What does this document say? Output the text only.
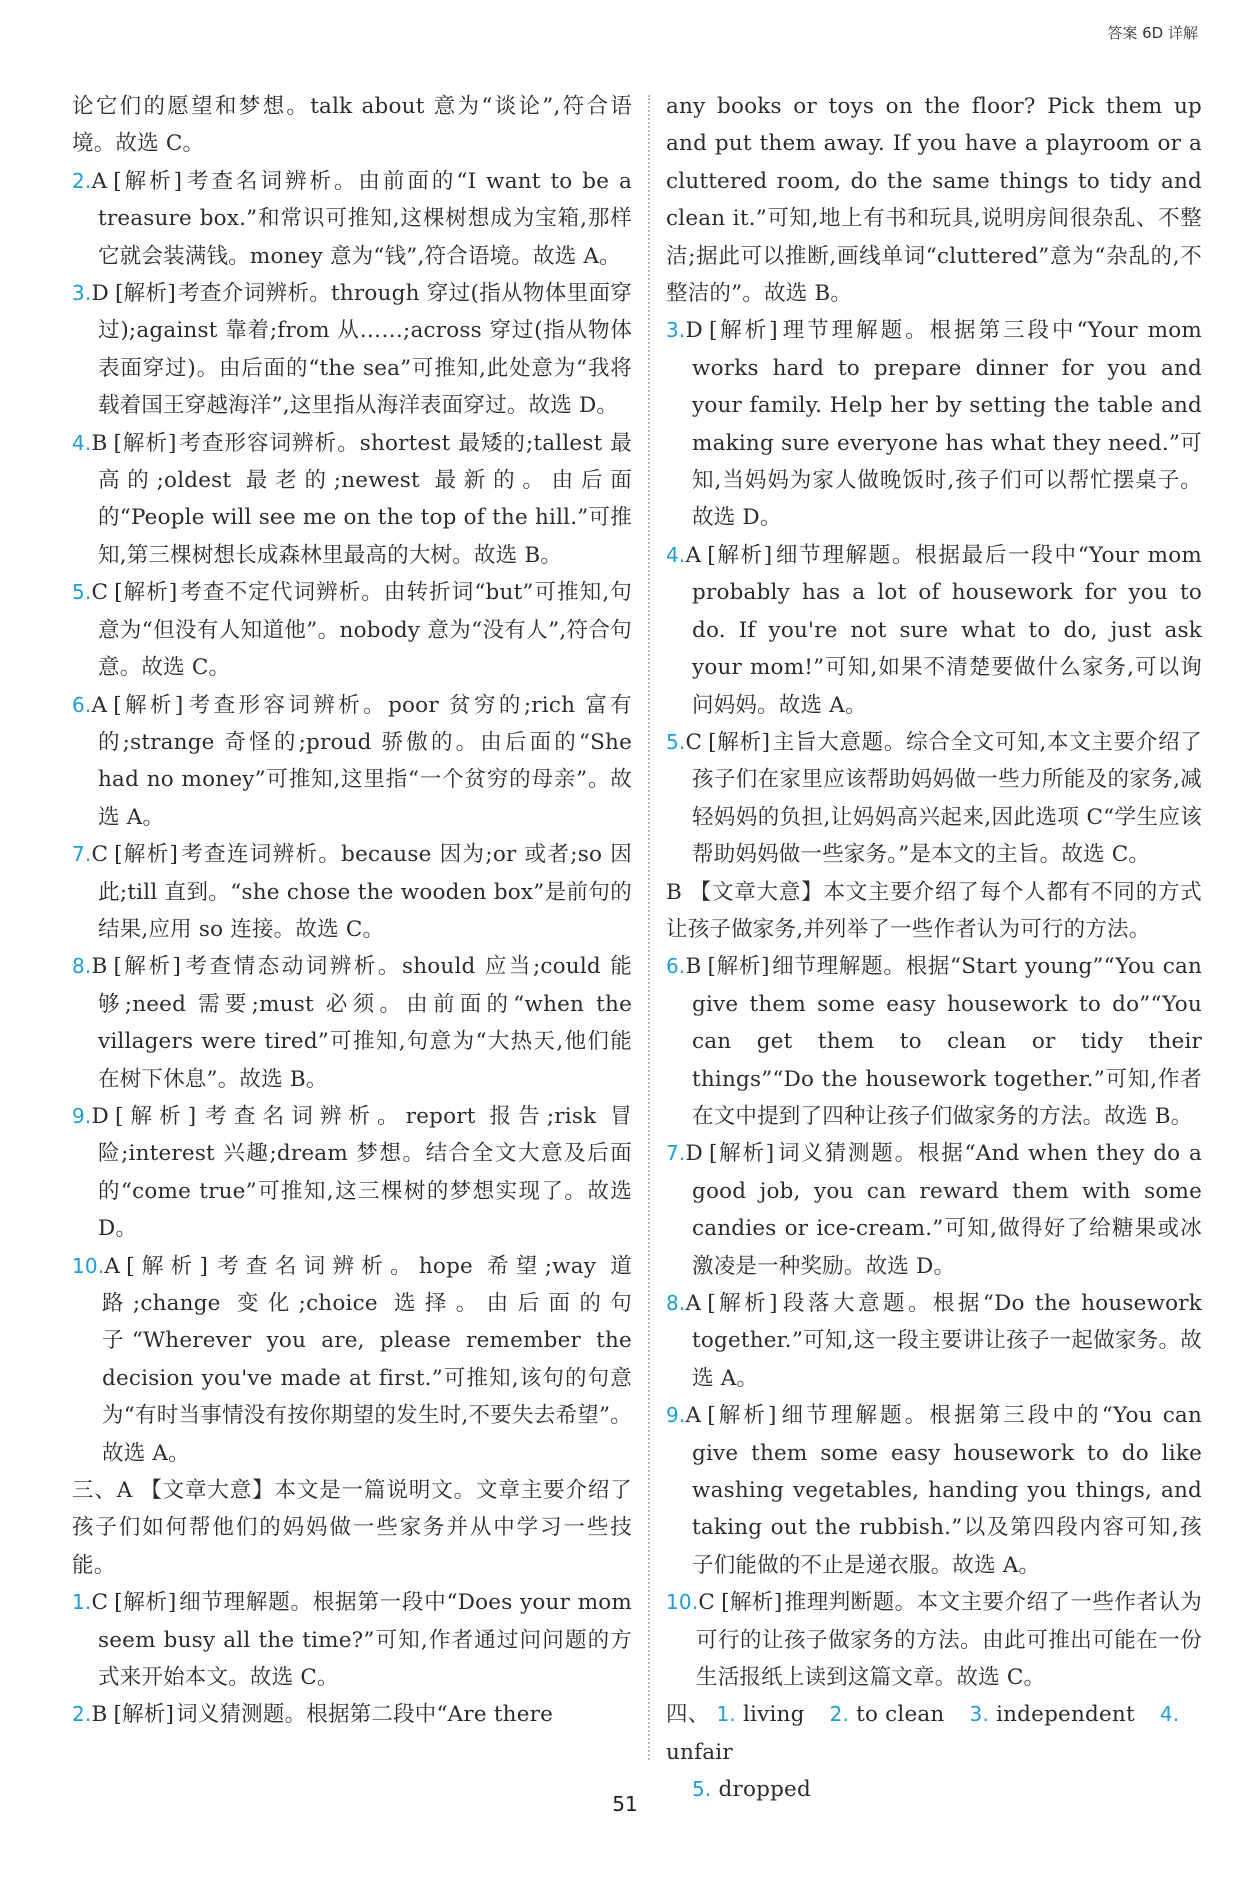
答案 6D 详解

论它们的愿望和梦想。talk about 意为“谈论”,符合语境。故选 C。

2.A [解析]考查名词辨析。由前面的“I want to be a treasure box.”和常识可推知,这棵树想成为宝箱,那样它就会装满钱。money 意为“钱”,符合语境。故选 A。

3.D [解析]考查介词辨析。through 穿过(指从物体里面穿过);against 靠着;from 从……;across 穿过(指从物体表面穿过)。由后面的“the sea”可推知,此处意为“我将载着国王穿越海洋”,这里指从海洋表面穿过。故选 D。

4.B [解析]考查形容词辨析。shortest 最矮的;tallest 最高的;oldest 最老的;newest 最新的。由后面的“People will see me on the top of the hill.”可推知,第三棵树想长成森林里最高的大树。故选 B。

5.C [解析]考查不定代词辨析。由转折词“but”可推知,句意为“但没有人知道他”。nobody 意为“没有人”,符合句意。故选 C。

6.A [解析]考查形容词辨析。poor 贫穷的;rich 富有的;strange 奇怪的;proud 骄傲的。由后面的“She had no money”可推知,这里指“一个贫穷的母亲”。故选 A。

7.C [解析]考查连词辨析。because 因为;or 或者;so 因此;till 直到。“she chose the wooden box”是前句的结果,应用 so 连接。故选 C。

8.B [解析]考查情态动词辨析。should 应当;could 能够;need 需要;must 必须。由前面的“when the villagers were tired”可推知,句意为“大热天,他们能在树下休息”。故选 B。

9.D [解析]考查名词辨析。report 报告;risk 冒险;interest 兴趣;dream 梦想。结合全文大意及后面的“come true”可推知,这三棵树的梦想实现了。故选 D。

10.A [解析]考查名词辨析。hope 希望;way 道路;change 变化;choice 选择。由后面的句子“Wherever you are, please remember the decision you've made at first.”可推知,该句的句意为“有时当事情没有按你期望的发生时,不要失去希望”。故选 A。

三、A 【文章大意】本文是一篇说明文。文章主要介绍了孩子们如何帮他们的妈妈做一些家务并从中学习一些技能。

1.C [解析]细节理解题。根据第一段中“Does your mom seem busy all the time?”可知,作者通过问问题的方式来开始本文。故选 C。

2.B [解析]词义猜测题。根据第二段中“Are there

any books or toys on the floor? Pick them up and put them away. If you have a playroom or a cluttered room, do the same things to tidy and clean it.”可知,地上有书和玩具,说明房间很杂乱、不整洁;据此可以推断,画线单词“cluttered”意为“杂乱的,不整洁的”。故选 B。

3.D [解析]理节理解题。根据第三段中“Your mom works hard to prepare dinner for you and your family. Help her by setting the table and making sure everyone has what they need.”可知,当妈妈为家人做晚饭时,孩子们可以帮忙摆桌子。故选 D。

4.A [解析]细节理解题。根据最后一段中“Your mom probably has a lot of housework for you to do. If you're not sure what to do, just ask your mom!”可知,如果不清楚要做什么家务,可以询问妈妈。故选 A。

5.C [解析]主旨大意题。综合全文可知,本文主要介绍了孩子们在家里应该帮助妈妈做一些力所能及的家务,减轻妈妈的负担,让妈妈高兴起来,因此选项 C“学生应该帮助妈妈做一些家务。”是本文的主旨。故选 C。

B 【文章大意】本文主要介绍了每个人都有不同的方式让孩子做家务,并列举了一些作者认为可行的方法。

6.B [解析]细节理解题。根据“Start young”“You can give them some easy housework to do”“You can get them to clean or tidy their things”“Do the housework together.”可知,作者在文中提到了四种让孩子们做家务的方法。故选 B。

7.D [解析]词义猜测题。根据“And when they do a good job, you can reward them with some candies or ice-cream.”可知,做得好了给糖果或冰激凌是一种奖励。故选 D。

8.A [解析]段落大意题。根据“Do the housework together.”可知,这一段主要讲让孩子一起做家务。故选 A。

9.A [解析]细节理解题。根据第三段中的“You can give them some easy housework to do like washing vegetables, handing you things, and taking out the rubbish.”以及第四段内容可知,孩子们能做的不止是递衣服。故选 A。

10.C [解析]推理判断题。本文主要介绍了一些作者认为可行的让孩子做家务的方法。由此可推出可能在一份生活报纸上读到这篇文章。故选 C。

四、 1. living 2. to clean 3. independent 4. unfair

5. dropped

51
